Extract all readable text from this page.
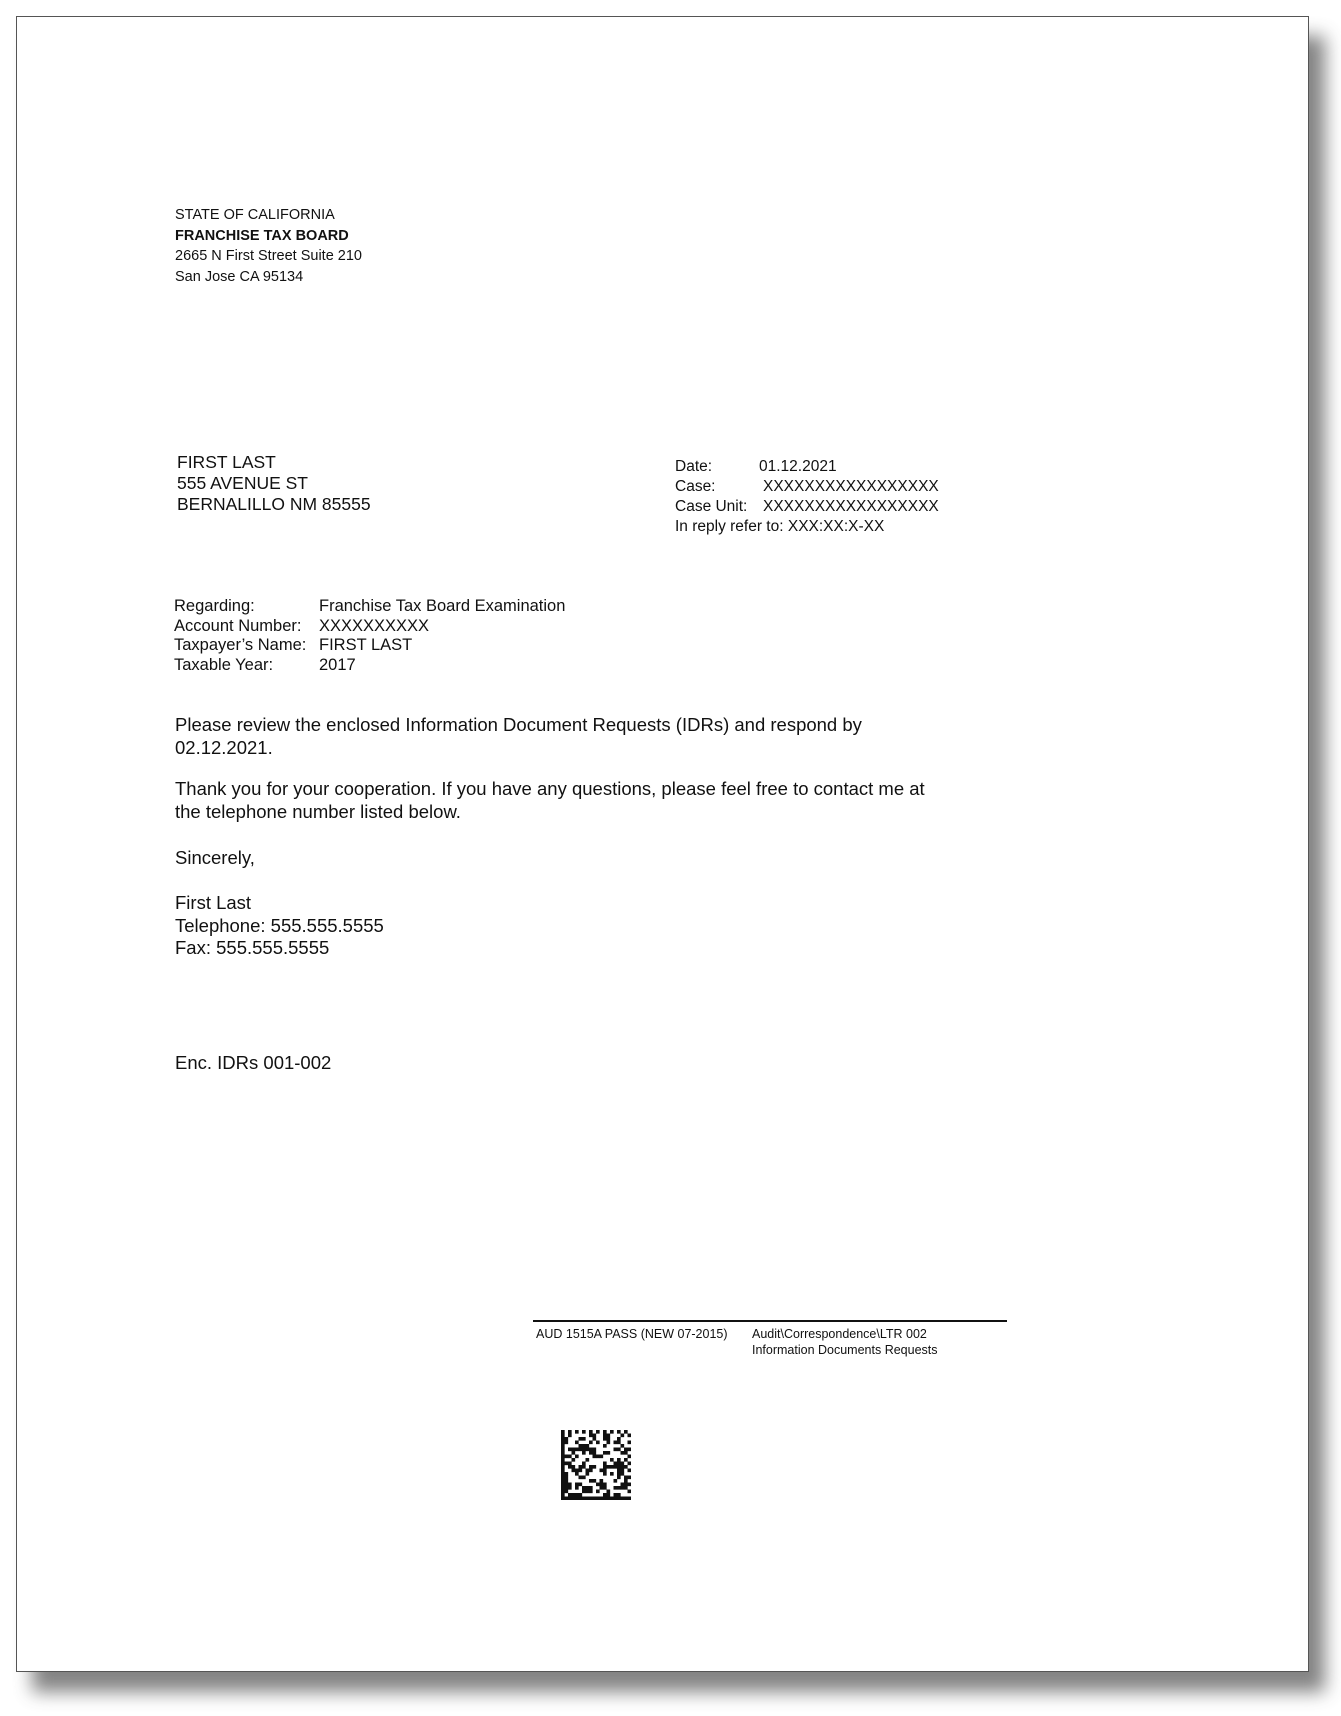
STATE OF CALIFORNIA
FRANCHISE TAX BOARD
2665 N First Street Suite 210
San Jose CA 95134
FIRST LAST
555 AVENUE ST
BERNALILLO NM 85555
Date:	01.12.2021
Case:	XXXXXXXXXXXXXXXXX
Case Unit:	XXXXXXXXXXXXXXXXX
In reply refer to: XXX:XX:X-XX
Regarding:	Franchise Tax Board Examination
Account Number:	XXXXXXXXXX
Taxpayer’s Name: FIRST LAST
Taxable Year:	2017
Please review the enclosed Information Document Requests (IDRs) and respond by
02.12.2021.
Thank you for your cooperation. If you have any questions, please feel free to contact me at
the telephone number listed below.
Sincerely,
First Last
Telephone: 555.555.5555
Fax: 555.555.5555
Enc. IDRs 001-002
AUD 1515A PASS (NEW 07-2015) Audit\Correspondence\LTR 002
Information Documents Requests
